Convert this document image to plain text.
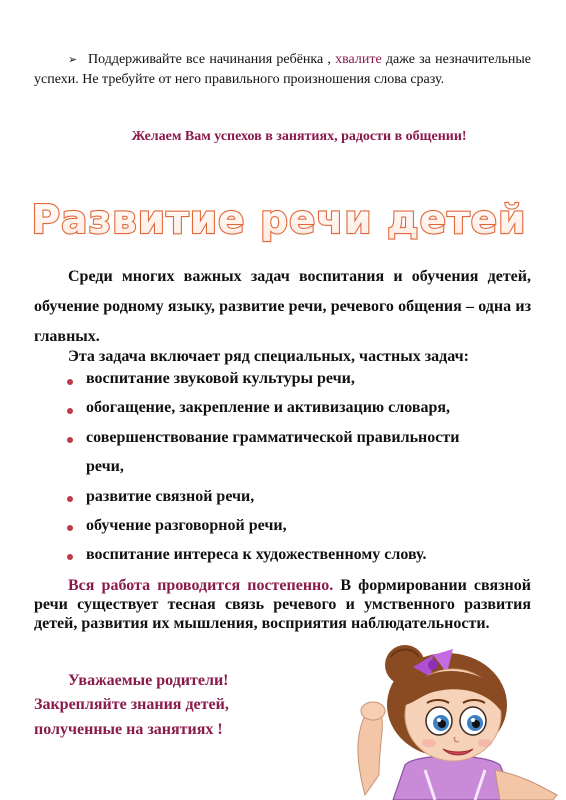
➢ Поддерживайте все начинания ребёнка , хвалите даже за незначительные успехи. Не требуйте от него правильного произношения слова сразу.
Желаем Вам успехов в занятиях, радости в общении!
Развитие речи детей
Среди многих важных задач воспитания и обучения детей, обучение родному языку, развитие речи, речевого общения – одна из главных.
Эта задача включает ряд специальных, частных задач:
воспитание звуковой культуры речи,
обогащение, закрепление и активизацию словаря,
совершенствование грамматической правильности
речи,
развитие связной речи,
обучение разговорной речи,
воспитание интереса к художественному слову.
Вся работа проводится постепенно. В формировании связной речи существует тесная связь речевого и умственного развития детей, развития их мышления, восприятия наблюдательности.
Уважаемые родители!
Закрепляйте знания детей,
полученные на занятиях !
